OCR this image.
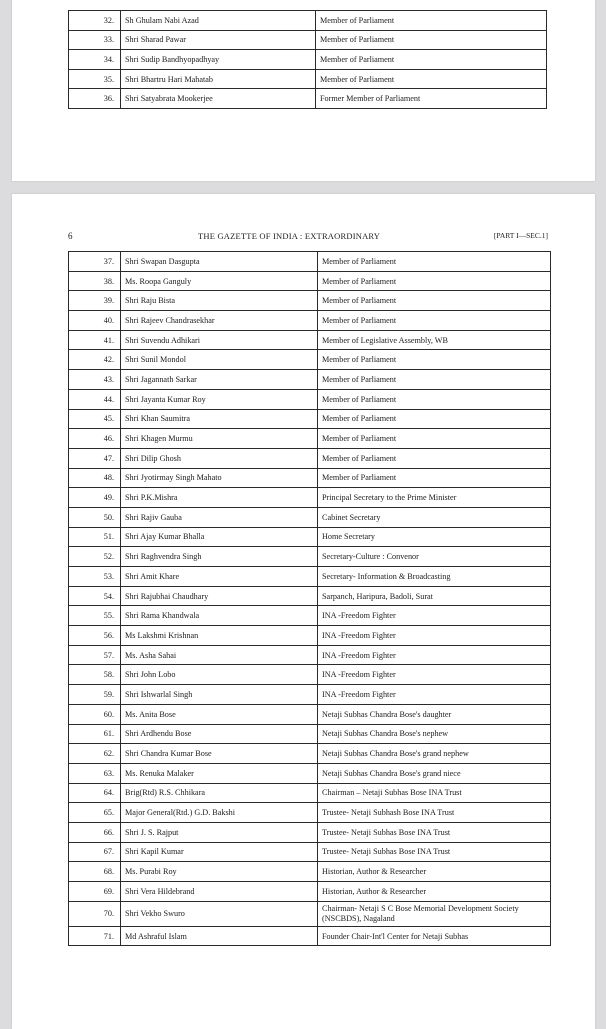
32.	Sh Ghulam Nabi Azad	Member of Parliament
33.	Shri Sharad Pawar	Member of Parliament
34.	Shri Sudip Bandhyopadhyay	Member of Parliament
35.	Shri Bhartru Hari Mahatab	Member of Parliament
36.	Shri Satyabrata Mookerjee	Former Member of Parliament
6	THE GAZETTE OF INDIA : EXTRAORDINARY	[PART I—SEC.1]
37.	Shri Swapan Dasgupta	Member of Parliament
38.	Ms. Roopa Ganguly	Member of Parliament
39.	Shri Raju Bista	Member of Parliament
40.	Shri Rajeev Chandrasekhar	Member of Parliament
41.	Shri Suvendu Adhikari	Member of Legislative Assembly, WB
42.	Shri Sunil Mondol	Member of Parliament
43.	Shri Jagannath Sarkar	Member of Parliament
44.	Shri Jayanta Kumar Roy	Member of Parliament
45.	Shri Khan Saumitra	Member of Parliament
46.	Shri Khagen Murmu	Member of Parliament
47.	Shri Dilip Ghosh	Member of Parliament
48.	Shri Jyotirmay Singh Mahato	Member of Parliament
49.	Shri P.K.Mishra	Principal Secretary to the Prime Minister
50.	Shri Rajiv Gauba	Cabinet Secretary
51.	Shri Ajay Kumar Bhalla	Home Secretary
52.	Shri Raghvendra Singh	Secretary-Culture : Convenor
53.	Shri Amit Khare	Secretary- Information & Broadcasting
54.	Shri Rajubhai Chaudhary	Sarpanch, Haripura, Badoli, Surat
55.	Shri Rama Khandwala	INA -Freedom Fighter
56.	Ms Lakshmi Krishnan	INA -Freedom Fighter
57.	Ms. Asha Sahai	INA -Freedom Fighter
58.	Shri John Lobo	INA -Freedom Fighter
59.	Shri Ishwarlal Singh	INA -Freedom Fighter
60.	Ms. Anita Bose	Netaji Subhas Chandra Bose's daughter
61.	Shri Ardhendu Bose	Netaji Subhas Chandra Bose's nephew
62.	Shri Chandra Kumar Bose	Netaji Subhas Chandra Bose's grand nephew
63.	Ms. Renuka Malaker	Netaji Subhas Chandra Bose's grand niece
64.	Brig(Rtd) R.S. Chhikara	Chairman – Netaji Subhas Bose INA Trust
65.	Major General(Rtd.) G.D. Bakshi	Trustee- Netaji Subhash Bose INA Trust
66.	Shri J. S. Rajput	Trustee- Netaji Subhas Bose INA Trust
67.	Shri Kapil Kumar	Trustee- Netaji Subhas Bose INA Trust
68.	Ms. Purabi Roy	Historian, Author & Researcher
69.	Shri Vera Hildebrand	Historian, Author & Researcher
70.	Shri Vekho Swuro	Chairman- Netaji S C Bose Memorial Development Society (NSCBDS), Nagaland
71.	Md Ashraful Islam	Founder Chair-Int'l Center for Netaji Subhas
